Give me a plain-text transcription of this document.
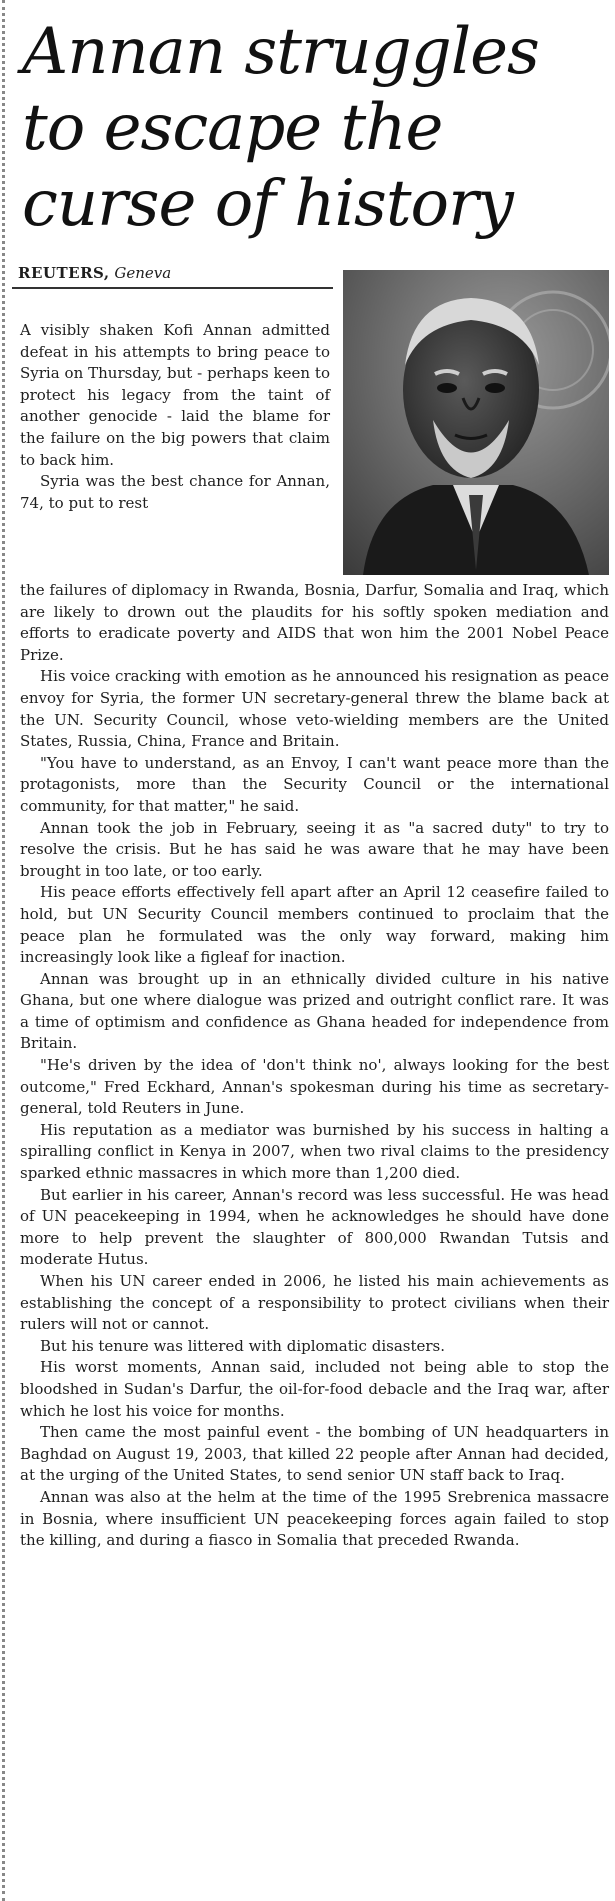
Annan struggles to escape the curse of history
REUTERS, Geneva

A visibly shaken Kofi Annan admitted defeat in his attempts to bring peace to Syria on Thursday, but - perhaps keen to protect his legacy from the taint of another genocide - laid the blame for the failure on the big powers that claim to back him.

Syria was the best chance for Annan, 74, to put to rest

the failures of diplomacy in Rwanda, Bosnia, Darfur, Somalia and Iraq, which are likely to drown out the plaudits for his softly spoken mediation and efforts to eradicate poverty and AIDS that won him the 2001 Nobel Peace Prize.

His voice cracking with emotion as he announced his resignation as peace envoy for Syria, the former UN secretary-general threw the blame back at the UN. Security Council, whose veto-wielding members are the United States, Russia, China, France and Britain.

"You have to understand, as an Envoy, I can't want peace more than the protagonists, more than the Security Council or the international community, for that matter," he said.

Annan took the job in February, seeing it as "a sacred duty" to try to resolve the crisis. But he has said he was aware that he may have been brought in too late, or too early.

His peace efforts effectively fell apart after an April 12 ceasefire failed to hold, but UN Security Council members continued to proclaim that the peace plan he formulated was the only way forward, making him increasingly look like a figleaf for inaction.

Annan was brought up in an ethnically divided culture in his native Ghana, but one where dialogue was prized and outright conflict rare. It was a time of optimism and confidence as Ghana headed for independence from Britain.

"He's driven by the idea of 'don't think no', always looking for the best outcome," Fred Eckhard, Annan's spokesman during his time as secretary-general, told Reuters in June.

His reputation as a mediator was burnished by his success in halting a spiralling conflict in Kenya in 2007, when two rival claims to the presidency sparked ethnic massacres in which more than 1,200 died.

But earlier in his career, Annan's record was less successful. He was head of UN peacekeeping in 1994, when he acknowledges he should have done more to help prevent the slaughter of 800,000 Rwandan Tutsis and moderate Hutus.

When his UN career ended in 2006, he listed his main achievements as establishing the concept of a responsibility to protect civilians when their rulers will not or cannot.

But his tenure was littered with diplomatic disasters.

His worst moments, Annan said, included not being able to stop the bloodshed in Sudan's Darfur, the oil-for-food debacle and the Iraq war, after which he lost his voice for months.

Then came the most painful event - the bombing of UN headquarters in Baghdad on August 19, 2003, that killed 22 people after Annan had decided, at the urging of the United States, to send senior UN staff back to Iraq.

Annan was also at the helm at the time of the 1995 Srebrenica massacre in Bosnia, where insufficient UN peacekeeping forces again failed to stop the killing, and during a fiasco in Somalia that preceded Rwanda.
